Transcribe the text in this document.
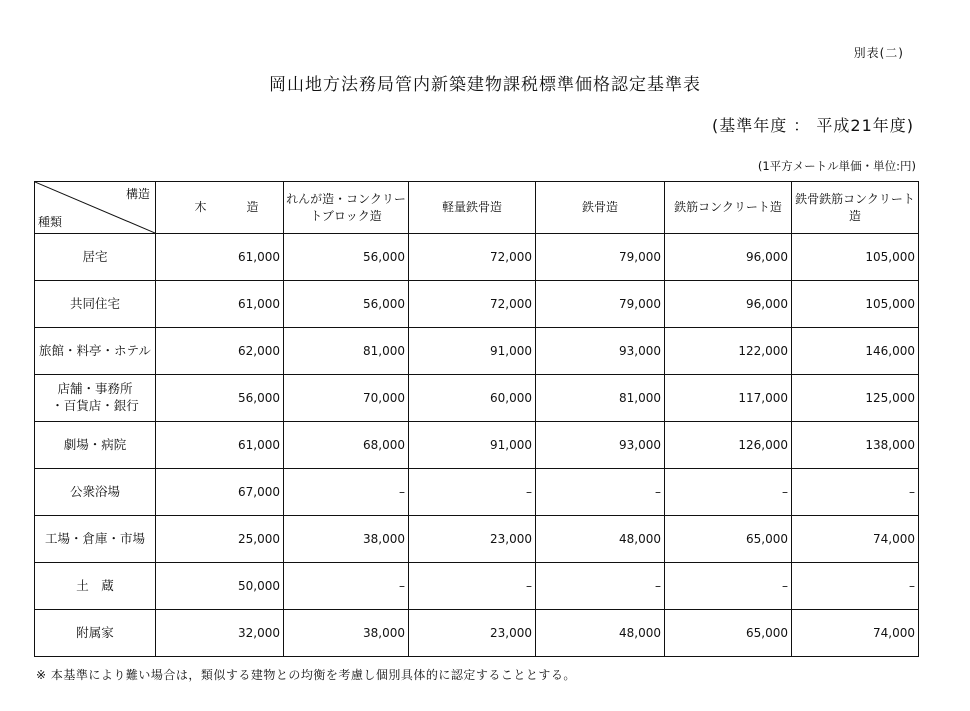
別表(二)
岡山地方法務局管内新築建物課税標準価格認定基準表
(基準年度 ： 平成21年度)
(1平方メートル単価・単位:円)
構造
種類	木 造	れんが造・コンクリートブロック造	軽量鉄骨造	鉄骨造	鉄筋コンクリート造	鉄骨鉄筋コンクリート造
居宅	61,000	56,000	72,000	79,000	96,000	105,000
共同住宅	61,000	56,000	72,000	79,000	96,000	105,000
旅館・料亭・ホテル	62,000	81,000	91,000	93,000	122,000	146,000
店舗・事務所
・百貨店・銀行	56,000	70,000	60,000	81,000	117,000	125,000
劇場・病院	61,000	68,000	91,000	93,000	126,000	138,000
公衆浴場	67,000	–	–	–	–	–
工場・倉庫・市場	25,000	38,000	23,000	48,000	65,000	74,000
土　蔵	50,000	–	–	–	–	–
附属家	32,000	38,000	23,000	48,000	65,000	74,000
※ 本基準により難い場合は，類似する建物との均衡を考慮し個別具体的に認定することとする。
